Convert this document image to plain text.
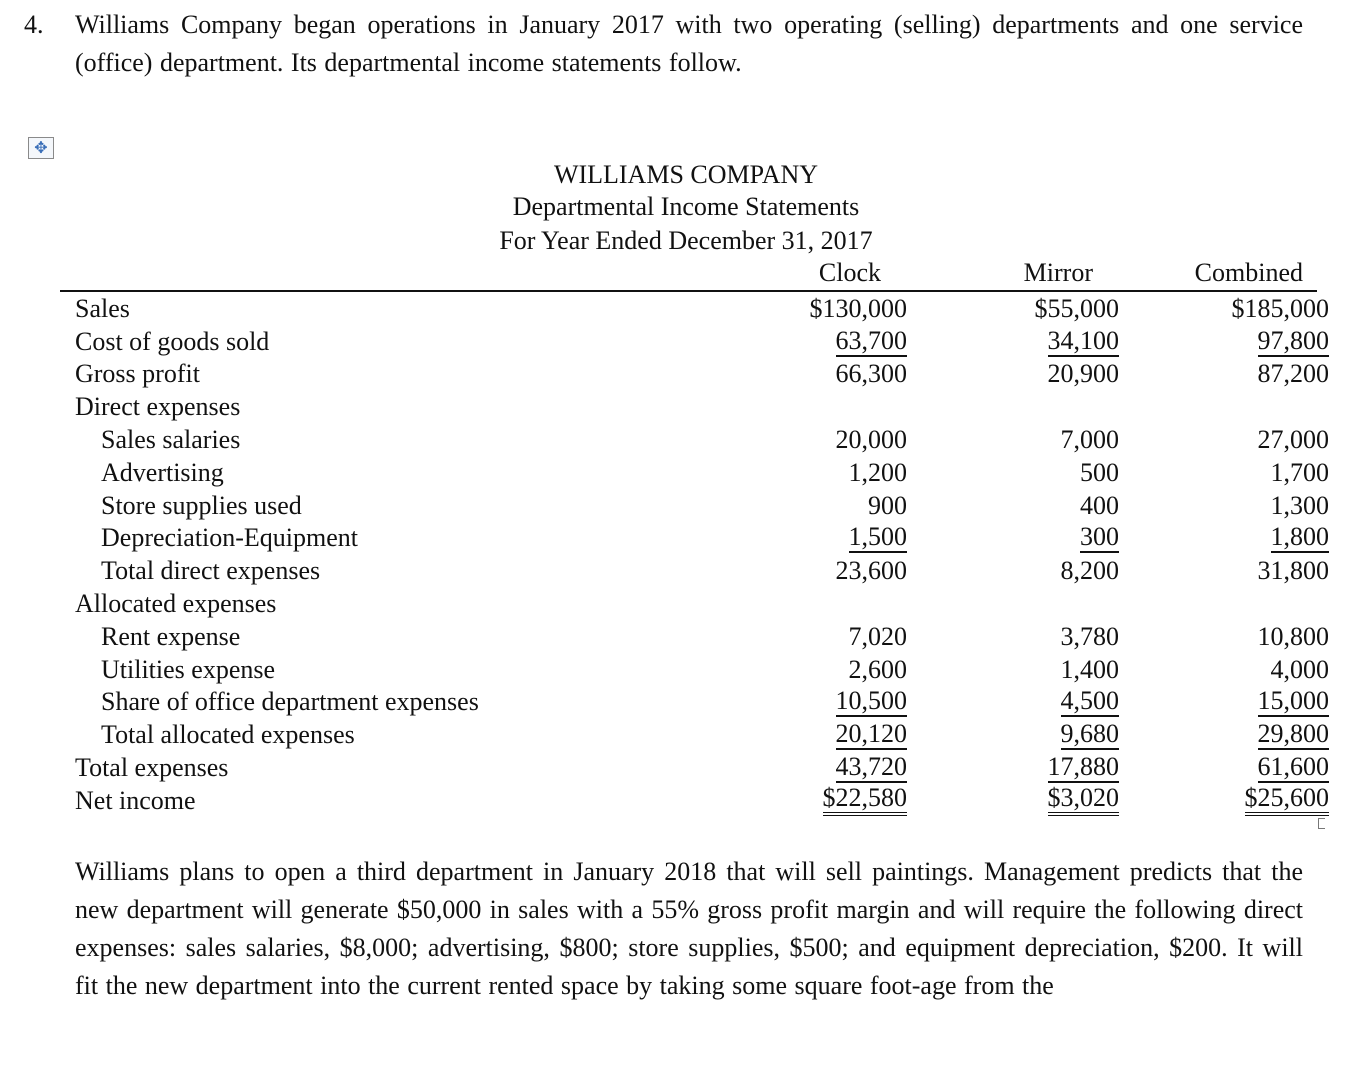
4. Williams Company began operations in January 2017 with two operating (selling) departments and one service (office) department. Its departmental income statements follow.
✥
WILLIAMS COMPANY
Departmental Income Statements
For Year Ended December 31, 2017
Clock	Mirror	Combined
Sales	$130,000	$55,000	$185,000
Cost of goods sold	63,700	34,100	97,800
Gross profit	66,300	20,900	87,200
Direct expenses			
Sales salaries	20,000	7,000	27,000
Advertising	1,200	500	1,700
Store supplies used	900	400	1,300
Depreciation-Equipment	1,500	300	1,800
Total direct expenses	23,600	8,200	31,800
Allocated expenses			
Rent expense	7,020	3,780	10,800
Utilities expense	2,600	1,400	4,000
Share of office department expenses	10,500	4,500	15,000
Total allocated expenses	20,120	9,680	29,800
Total expenses	43,720	17,880	61,600
Net income	$22,580	$3,020	$25,600
Williams plans to open a third department in January 2018 that will sell paintings. Management predicts that the new department will generate $50,000 in sales with a 55% gross profit margin and will require the following direct expenses: sales salaries, $8,000; advertising, $800; store supplies, $500; and equipment depreciation, $200. It will fit the new department into the current rented space by taking some square foot-age from the
